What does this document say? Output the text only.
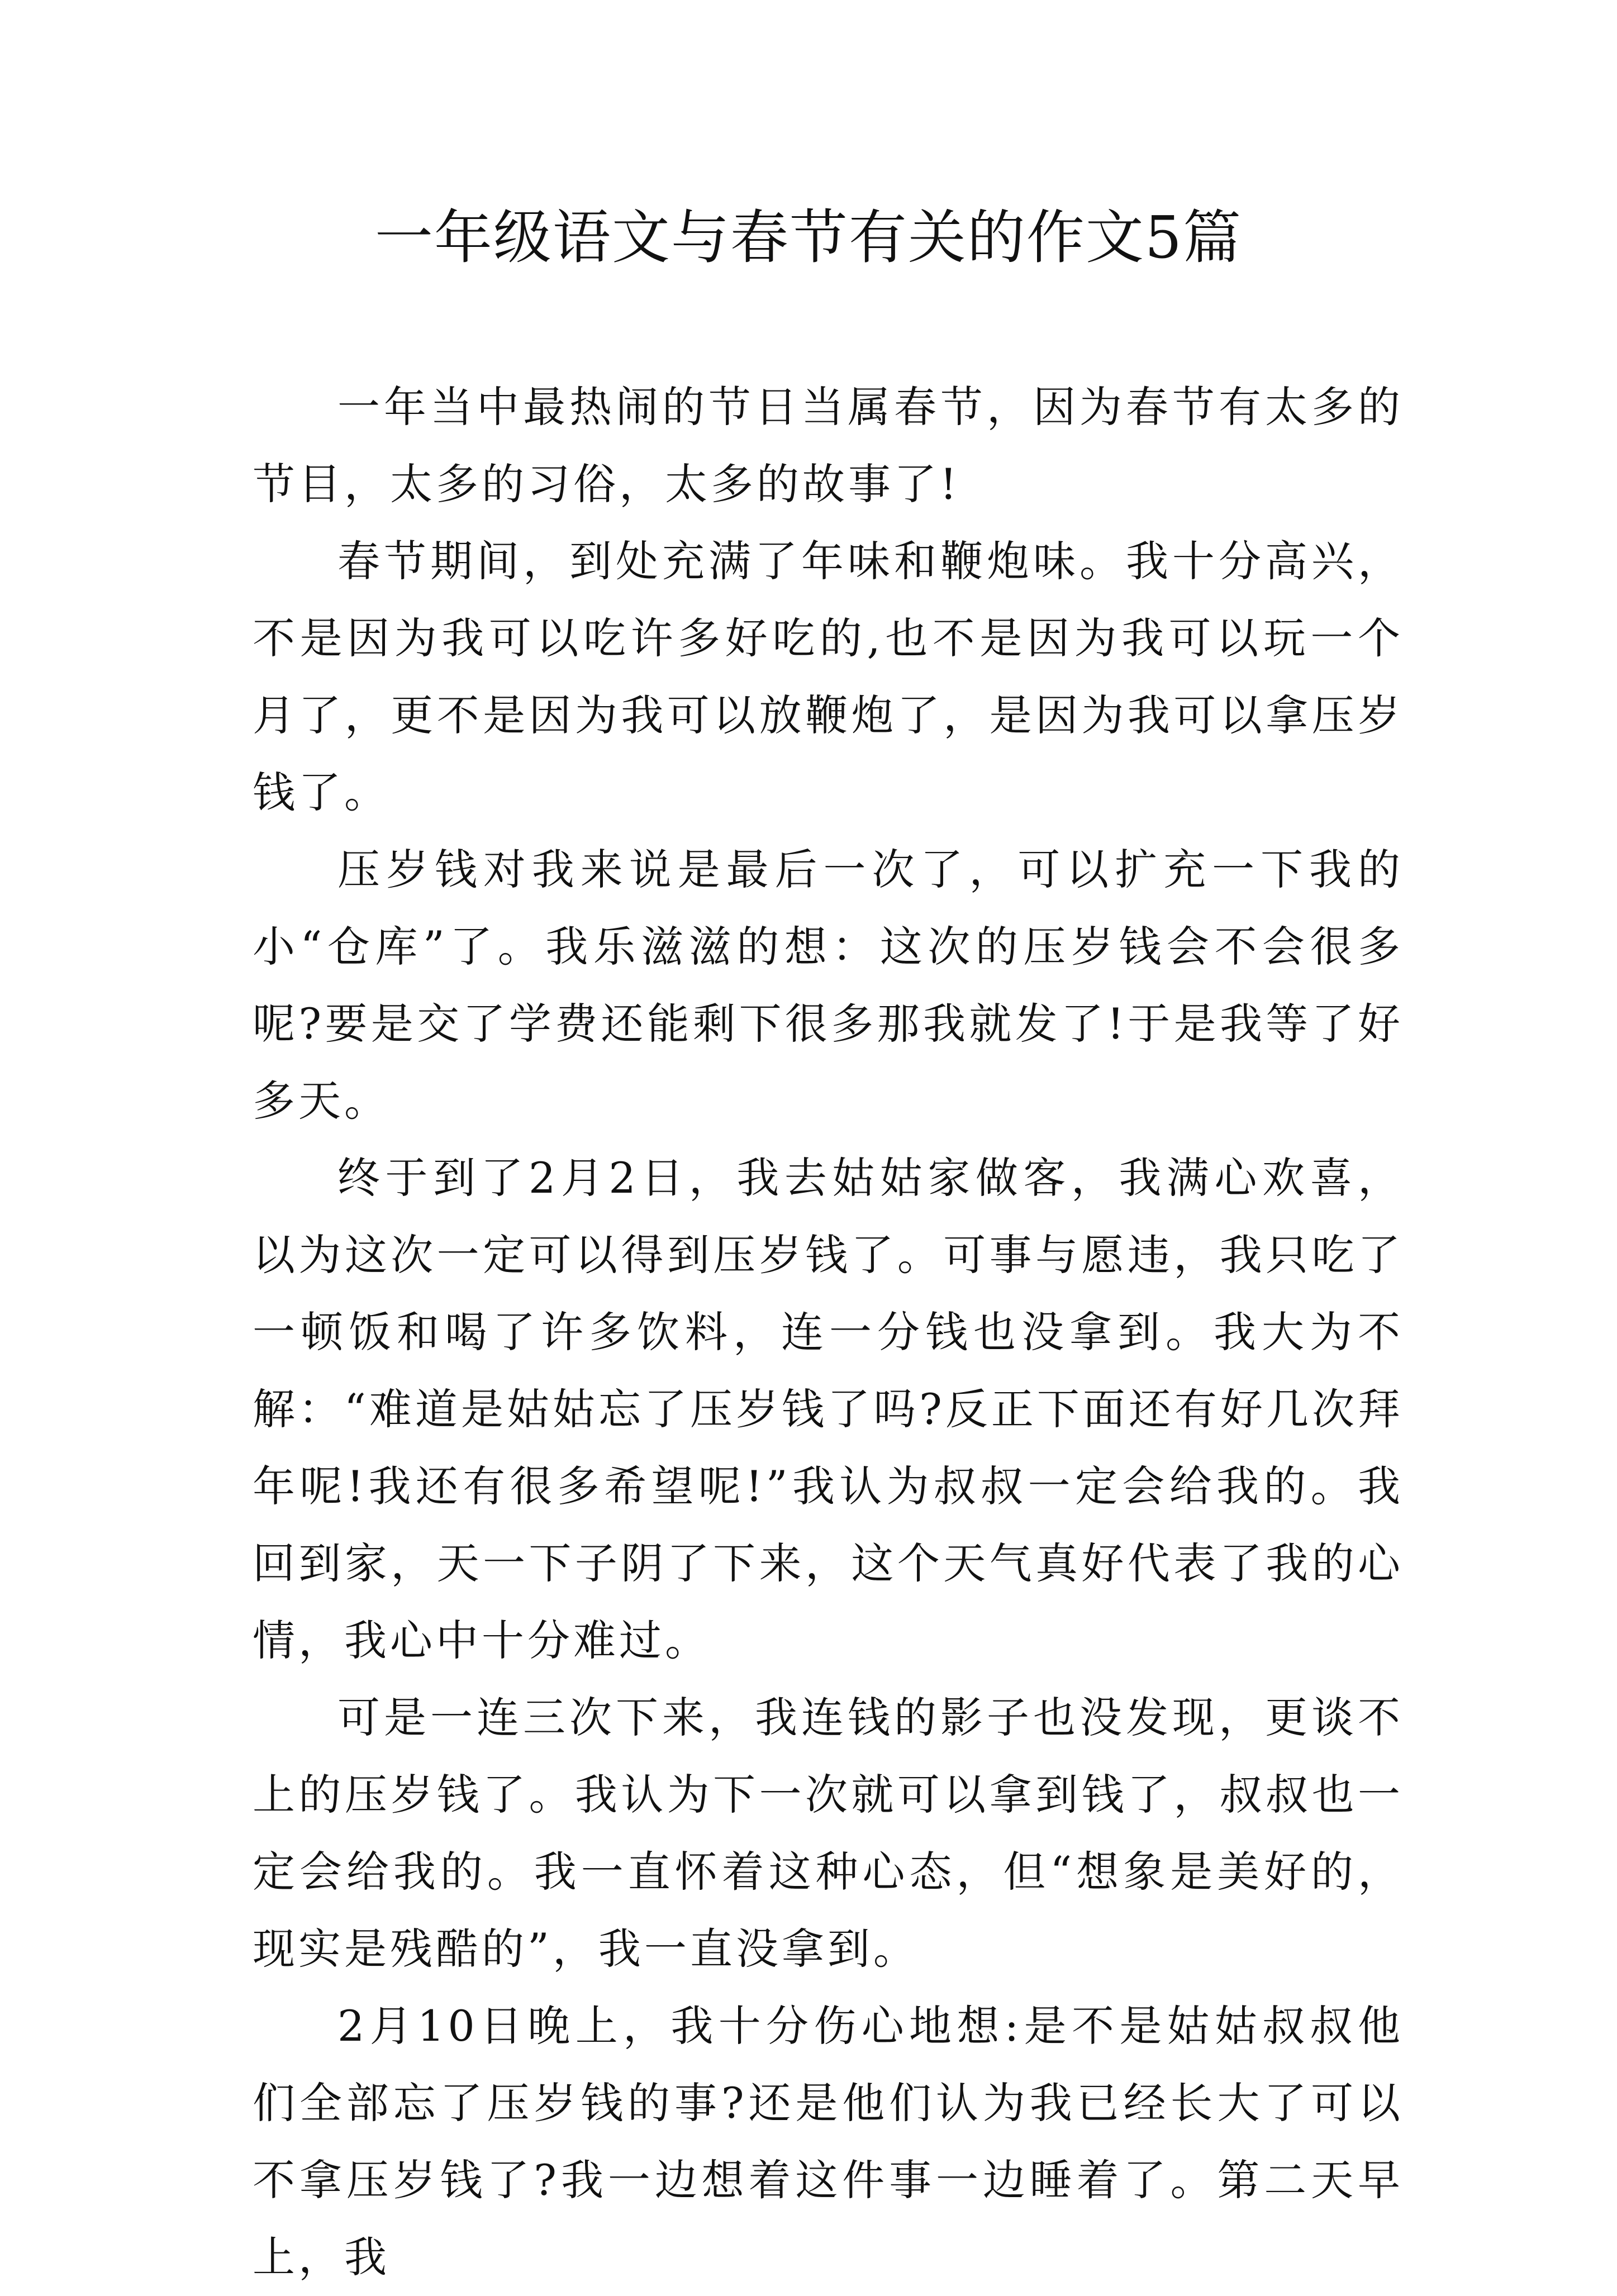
一年级语文与春节有关的作文5篇

一年当中最热闹的节日当属春节，因为春节有太多的节目，太多的习俗，太多的故事了!

春节期间，到处充满了年味和鞭炮味。我十分高兴，不是因为我可以吃许多好吃的,也不是因为我可以玩一个月了，更不是因为我可以放鞭炮了，是因为我可以拿压岁钱了。

压岁钱对我来说是最后一次了，可以扩充一下我的小“仓库”了。我乐滋滋的想：这次的压岁钱会不会很多呢?要是交了学费还能剩下很多那我就发了!于是我等了好多天。

终于到了2月2日，我去姑姑家做客，我满心欢喜，以为这次一定可以得到压岁钱了。可事与愿违，我只吃了一顿饭和喝了许多饮料，连一分钱也没拿到。我大为不解：“难道是姑姑忘了压岁钱了吗?反正下面还有好几次拜年呢!我还有很多希望呢!”我认为叔叔一定会给我的。我回到家，天一下子阴了下来，这个天气真好代表了我的心情，我心中十分难过。

可是一连三次下来，我连钱的影子也没发现，更谈不上的压岁钱了。我认为下一次就可以拿到钱了，叔叔也一定会给我的。我一直怀着这种心态，但“想象是美好的，现实是残酷的”，我一直没拿到。

2月10日晚上，我十分伤心地想:是不是姑姑叔叔他们全部忘了压岁钱的事?还是他们认为我已经长大了可以不拿压岁钱了?我一边想着这件事一边睡着了。第二天早上，我
